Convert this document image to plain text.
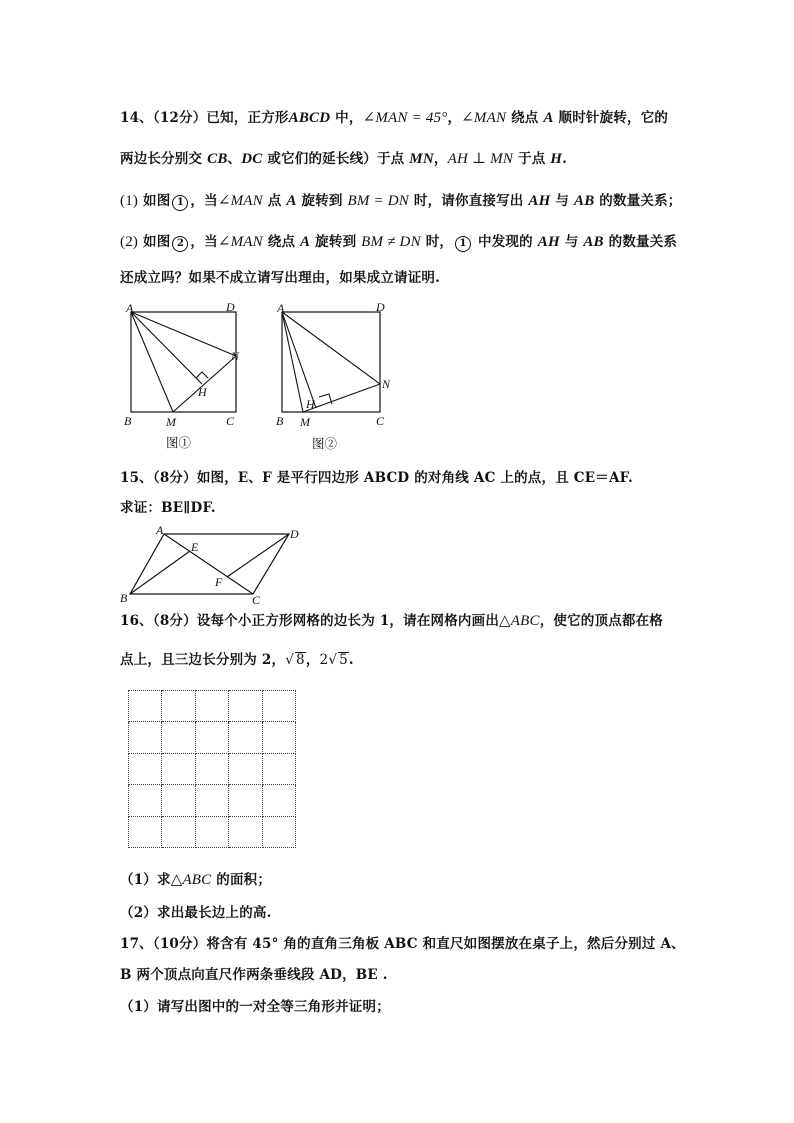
14、（12分）已知，正方形ABCD 中，∠MAN = 45°，∠MAN 绕点 A 顺时针旋转，它的
两边长分别交 CB、DC 或它们的延长线）于点 MN，AH ⊥ MN 于点 H.
(1) 如图 1 ，当∠MAN 点 A 旋转到 BM = DN 时，请你直接写出 AH 与 AB 的数量关系；
(2) 如图 2 ，当∠MAN 绕点 A 旋转到 BM ≠ DN 时， 1 中发现的 AH 与 AB 的数量关系
还成立吗？如果不成立请写出理由，如果成立请证明.
A	D
N
H
B	M	C
图①
A	D
N
H
B M	C
图②
15、（8分）如图，E、F 是平行四边形 ABCD 的对角线 AC 上的点，且 CE＝AF.
求证：BE∥DF.
A	D
E
F
B	C
16、（8分）设每个小正方形网格的边长为 1，请在网格内画出△ABC，使它的顶点都在格
点上，且三边长分别为 2，√ 8，2√ 5.

（1）求△ABC 的面积；
（2）求出最长边上的高.
17、（10分）将含有 45° 角的直角三角板 ABC 和直尺如图摆放在桌子上，然后分别过 A、
B 两个顶点向直尺作两条垂线段 AD，BE .
（1）请写出图中的一对全等三角形并证明；
